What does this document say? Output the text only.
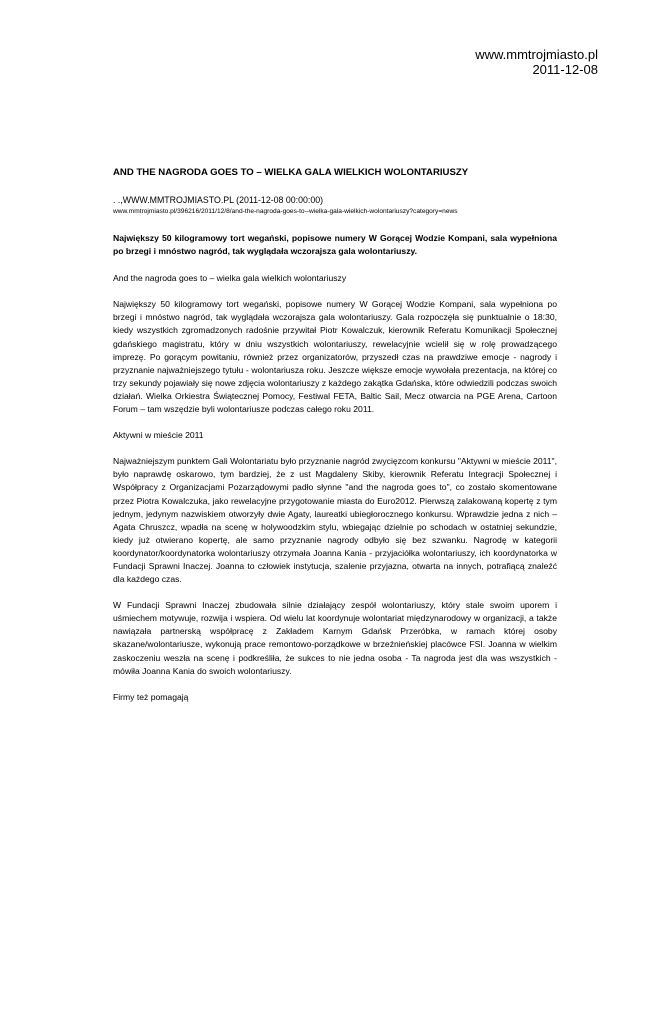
www.mmtrojmiasto.pl
2011-12-08

AND THE NAGRODA GOES TO – WIELKA GALA WIELKICH WOLONTARIUSZY

. .,WWW.MMTROJMIASTO.PL (2011-12-08 00:00:00)

www.mmtrojmiasto.pl/396216/2011/12/8/and-the-nagroda-goes-to--wielka-gala-wielkich-wolontariuszy?category=news

Największy 50 kilogramowy tort wegański, popisowe numery W Gorącej Wodzie Kompani, sala wypełniona po brzegi i mnóstwo nagród, tak wyglądała wczorajsza gala wolontariuszy.

And the nagroda goes to – wielka gala wielkich wolontariuszy

Największy 50 kilogramowy tort wegański, popisowe numery W Gorącej Wodzie Kompani, sala wypełniona po brzegi i mnóstwo nagród, tak wyglądała wczorajsza gala wolontariuszy. Gala rozpoczęła się punktualnie o 18:30, kiedy wszystkich zgromadzonych radośnie przywitał Piotr Kowalczuk, kierownik Referatu Komunikacji Społecznej gdańskiego magistratu, który w dniu wszystkich wolontariuszy, rewelacyjnie wcielił się w rolę prowadzącego imprezę. Po gorącym powitaniu, również przez organizatorów, przyszedł czas na prawdziwe emocje - nagrody i przyznanie najważniejszego tytułu - wolontariusza roku. Jeszcze większe emocje wywołała prezentacja, na której co trzy sekundy pojawiały się nowe zdjęcia wolontariuszy z każdego zakątka Gdańska, które odwiedzili podczas swoich działań. Wielka Orkiestra Świątecznej Pomocy, Festiwal FETA, Baltic Sail, Mecz otwarcia na PGE Arena, Cartoon Forum – tam wszędzie byli wolontariusze podczas całego roku 2011.

Aktywni w mieście 2011

Najważniejszym punktem Gali Wolontariatu było przyznanie nagród zwycięzcom konkursu "Aktywni w mieście 2011", było naprawdę oskarowo, tym bardziej, że z ust Magdaleny Skiby, kierownik Referatu Integracji Społecznej i Współpracy z Organizacjami Pozarządowymi padło słynne "and the nagroda goes to", co zostało skomentowane przez Piotra Kowalczuka, jako rewelacyjne przygotowanie miasta do Euro2012. Pierwszą zalakowaną kopertę z tym jednym, jedynym nazwiskiem otworzyły dwie Agaty, laureatki ubiegłorocznego konkursu. Wprawdzie jedna z nich – Agata Chruszcz, wpadła na scenę w holywoodzkim stylu, wbiegając dzielnie po schodach w ostatniej sekundzie, kiedy już otwierano kopertę, ale samo przyznanie nagrody odbyło się bez szwanku. Nagrodę w kategorii koordynator/koordynatorka wolontariuszy otrzymała Joanna Kania - przyjaciółka wolontariuszy, ich koordynatorka w Fundacji Sprawni Inaczej. Joanna to człowiek instytucja, szalenie przyjazna, otwarta na innych, potrafiącą znaleźć dla każdego czas.

W Fundacji Sprawni Inaczej zbudowała silnie działający zespół wolontariuszy, który stale swoim uporem i uśmiechem motywuje, rozwija i wspiera. Od wielu lat koordynuje wolontariat międzynarodowy w organizacji, a także nawiązała partnerską współpracę z Zakładem Karnym Gdańsk Przeróbka, w ramach której osoby skazane/wolontariusze, wykonują prace remontowo-porządkowe w brzeźnieńskiej placówce FSI. Joanna w wielkim zaskoczeniu weszła na scenę i podkreśliła, że sukces to nie jedna osoba - Ta nagroda jest dla was wszystkich - mówiła Joanna Kania do swoich wolontariuszy.

Firmy też pomagają
